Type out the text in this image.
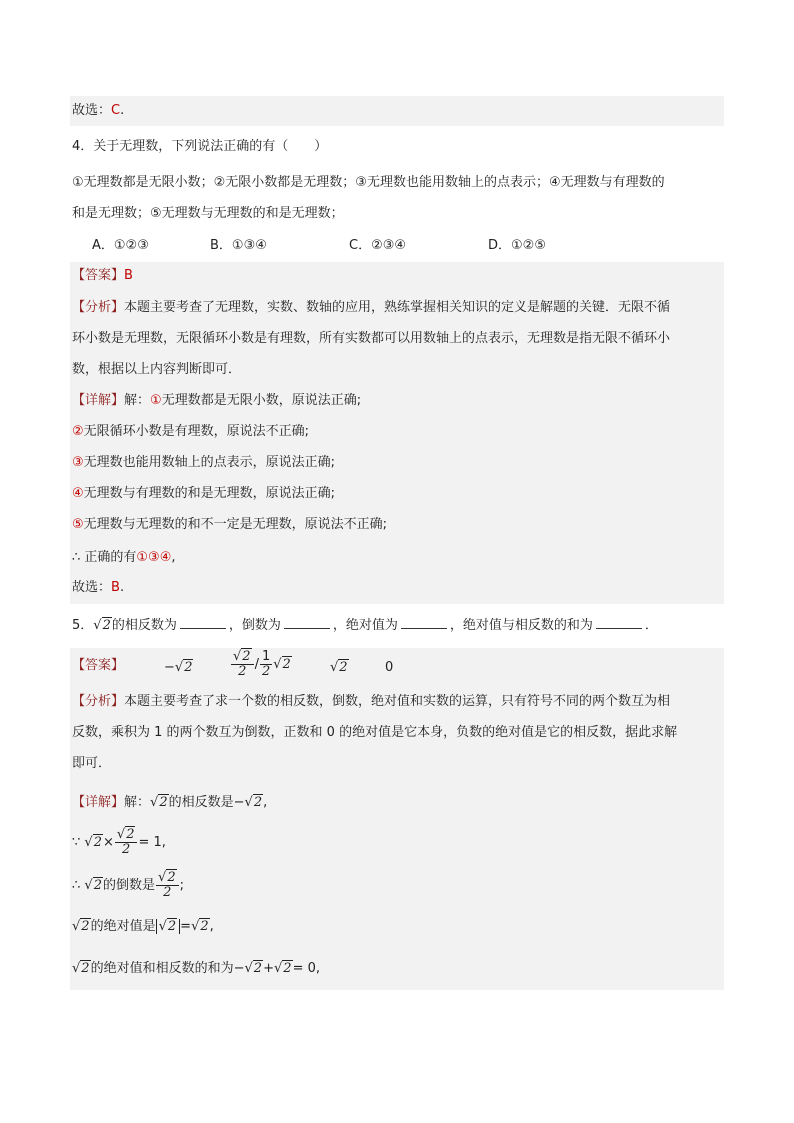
故选：C.
4．关于无理数，下列说法正确的有（　　）
①无理数都是无限小数；②无限小数都是无理数；③无理数也能用数轴上的点表示；④无理数与有理数的
和是无理数；⑤无理数与无理数的和是无理数；
A．①②③	B．①③④	C．②③④	D．①②⑤
【答案】B
【分析】本题主要考查了无理数，实数、数轴的应用，熟练掌握相关知识的定义是解题的关键．无限不循
环小数是无理数，无限循环小数是有理数，所有实数都可以用数轴上的点表示，无理数是指无限不循环小
数，根据以上内容判断即可．
【详解】解：①无理数都是无限小数，原说法正确;
②无限循环小数是有理数，原说法不正确;
③无理数也能用数轴上的点表示，原说法正确;
④无理数与有理数的和是无理数，原说法正确;
⑤无理数与无理数的和不一定是无理数，原说法不正确;
∴ 正确的有①③④,
故选：B.
5．√2的相反数为	，倒数为	，绝对值为	，绝对值与相反数的和为	．
【答案】	−√2	$\frac{√2}{2} / \frac{1}{2} √2$	√2	0
【分析】本题主要考查了求一个数的相反数，倒数，绝对值和实数的运算，只有符号不同的两个数互为相
反数，乘积为 1 的两个数互为倒数，正数和 0 的绝对值是它本身，负数的绝对值是它的相反数，据此求解
即可．
【详解】解：√2的相反数是−√2,
∵ $√2\times \frac{√2}{2} = 1$,
∴ √2的倒数是 $\frac{√2}{2}$ ;
√2的绝对值是 √2 =√2,
√2的绝对值和相反数的和为−√2+√2= 0,
